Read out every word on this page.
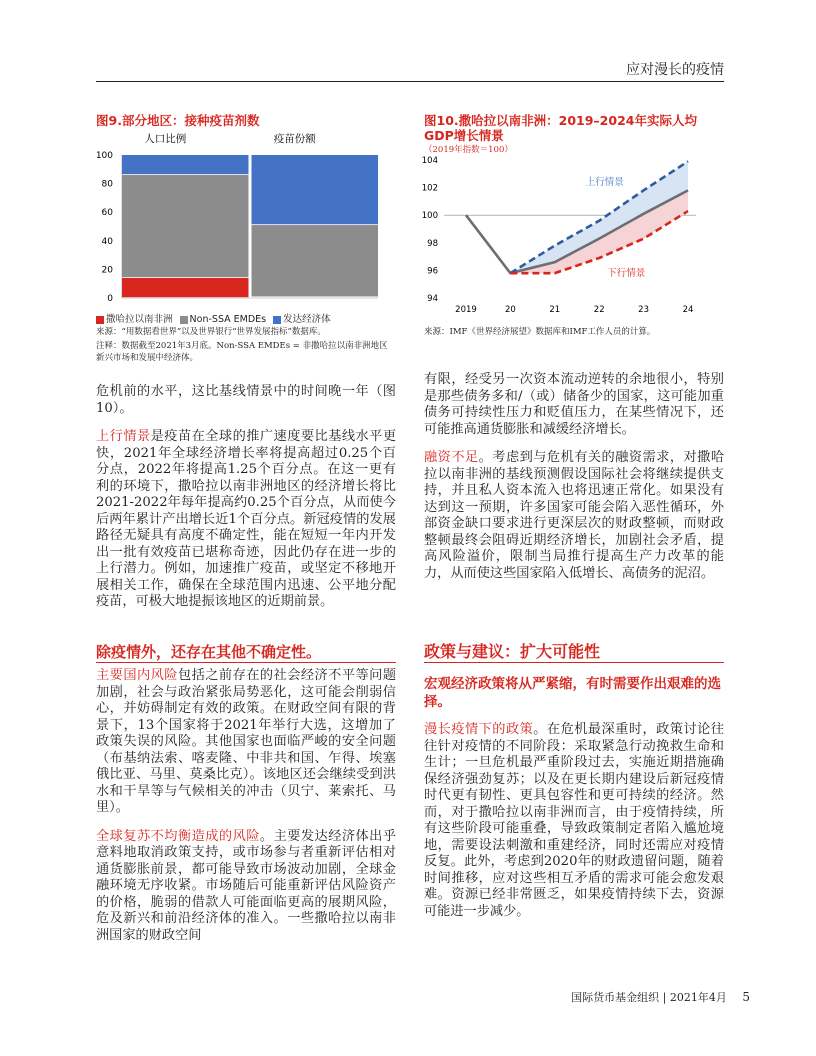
应对漫长的疫情
图9.部分地区：接种疫苗剂数
100
80
60
40
20
0
人口比例	疫苗份额
撒哈拉以南非洲 Non-SSA EMDEs 发达经济体
来源：“用数据看世界”以及世界银行“世界发展指标”数据库。
注释：数据截至2021年3月底。Non-SSA EMDEs = 非撒哈拉以南非洲地区新兴市场和发展中经济体。
图10.撒哈拉以南非洲：2019–2024年实际人均GDP增长情景
（2019年指数＝100）
94
96
98
100
102
104
2019	20	21	22	23	24
上行情景
下行情景
来源：IMF《世界经济展望》数据库和IMF工作人员的计算。

危机前的水平，这比基线情景中的时间晚一年（图10）。

上行情景是疫苗在全球的推广速度要比基线水平更快，2021年全球经济增长率将提高超过0.25个百分点，2022年将提高1.25个百分点。在这一更有利的环境下，撒哈拉以南非洲地区的经济增长将比2021-2022年每年提高约0.25个百分点，从而使今后两年累计产出增长近1个百分点。新冠疫情的发展路径无疑具有高度不确定性，能在短短一年内开发出一批有效疫苗已堪称奇迹，因此仍存在进一步的上行潜力。例如，加速推广疫苗，或坚定不移地开展相关工作，确保在全球范围内迅速、公平地分配疫苗，可极大地提振该地区的近期前景。

除疫情外，还存在其他不确定性。

主要国内风险包括之前存在的社会经济不平等问题加剧，社会与政治紧张局势恶化，这可能会削弱信心，并妨碍制定有效的政策。在财政空间有限的背景下，13个国家将于2021年举行大选，这增加了政策失误的风险。其他国家也面临严峻的安全问题（布基纳法索、喀麦隆、中非共和国、乍得、埃塞俄比亚、马里、莫桑比克）。该地区还会继续受到洪水和干旱等与气候相关的冲击（贝宁、莱索托、马里）。

全球复苏不均衡造成的风险。主要发达经济体出乎意料地取消政策支持，或市场参与者重新评估相对通货膨胀前景，都可能导致市场波动加剧，全球金融环境无序收紧。市场随后可能重新评估风险资产的价格，脆弱的借款人可能面临更高的展期风险，危及新兴和前沿经济体的准入。一些撒哈拉以南非洲国家的财政空间

有限，经受另一次资本流动逆转的余地很小，特别是那些债务多和/（或）储备少的国家，这可能加重债务可持续性压力和贬值压力，在某些情况下，还可能推高通货膨胀和减缓经济增长。

融资不足。考虑到与危机有关的融资需求，对撒哈拉以南非洲的基线预测假设国际社会将继续提供支持，并且私人资本流入也将迅速正常化。如果没有达到这一预期，许多国家可能会陷入恶性循环，外部资金缺口要求进行更深层次的财政整顿，而财政整顿最终会阻碍近期经济增长，加剧社会矛盾，提高风险溢价，限制当局推行提高生产力改革的能力，从而使这些国家陷入低增长、高债务的泥沼。

政策与建议：扩大可能性
宏观经济政策将从严紧缩，有时需要作出艰难的选择。

漫长疫情下的政策。在危机最深重时，政策讨论往往针对疫情的不同阶段：采取紧急行动挽救生命和生计；一旦危机最严重阶段过去，实施近期措施确保经济强劲复苏；以及在更长期内建设后新冠疫情时代更有韧性、更具包容性和更可持续的经济。然而，对于撒哈拉以南非洲而言，由于疫情持续，所有这些阶段可能重叠，导致政策制定者陷入尴尬境地，需要设法刺激和重建经济，同时还需应对疫情反复。此外，考虑到2020年的财政遗留问题，随着时间推移，应对这些相互矛盾的需求可能会愈发艰难。资源已经非常匮乏，如果疫情持续下去，资源可能进一步减少。

国际货币基金组织 | 2021年4月 5
